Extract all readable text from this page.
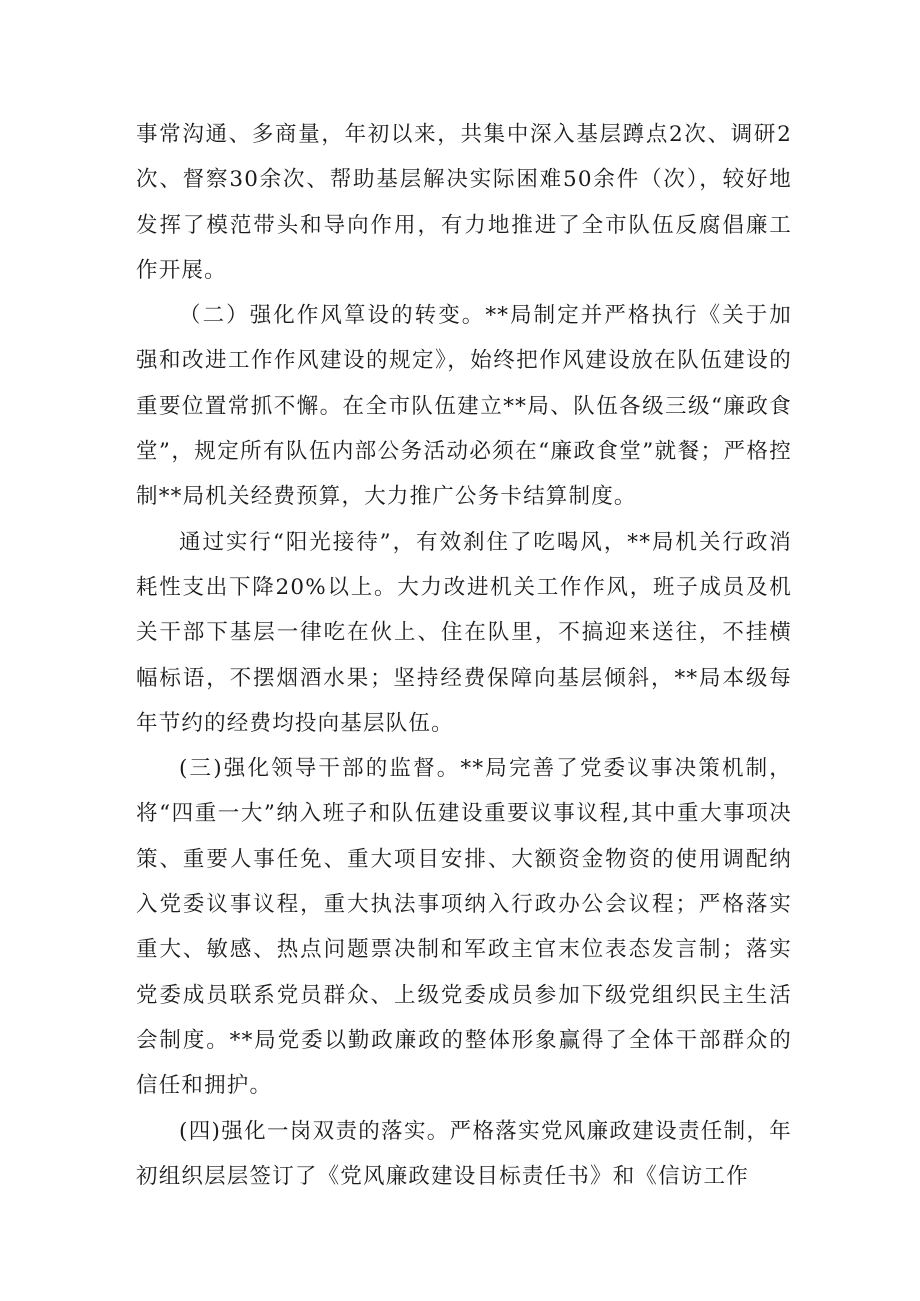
事常沟通、多商量，年初以来，共集中深入基层蹲点2次、调研2次、督察30余次、帮助基层解决实际困难50余件（次），较好地发挥了模范带头和导向作用，有力地推进了全市队伍反腐倡廉工作开展。

（二）强化作风筸设的转变。**局制定并严格执行《关于加强和改进工作作风建设的规定》，始终把作风建设放在队伍建设的重要位置常抓不懈。在全市队伍建立**局、队伍各级三级“廉政食堂”，规定所有队伍内部公务活动必须在“廉政食堂”就餐；严格控制**局机关经费预算，大力推广公务卡结算制度。

通过实行“阳光接待”，有效刹住了吃喝风，**局机关行政消耗性支出下降20%以上。大力改进机关工作作风，班子成员及机关干部下基层一律吃在伙上、住在队里，不搞迎来送往，不挂横幅标语，不摆烟酒水果；坚持经费保障向基层倾斜，**局本级每年节约的经费均投向基层队伍。

(三)强化领导干部的监督。**局完善了党委议事决策机制，将“四重一大”纳入班子和队伍建设重要议事议程,其中重大事项决策、重要人事任免、重大项目安排、大额资金物资的使用调配纳入党委议事议程，重大执法事项纳入行政办公会议程；严格落实重大、敏感、热点问题票决制和军政主官末位表态发言制；落实党委成员联系党员群众、上级党委成员参加下级党组织民主生活会制度。**局党委以勤政廉政的整体形象赢得了全体干部群众的信任和拥护。

(四)强化一岗双责的落实。严格落实党风廉政建设责任制，年初组织层层签订了《党风廉政建设目标责任书》和《信访工作
